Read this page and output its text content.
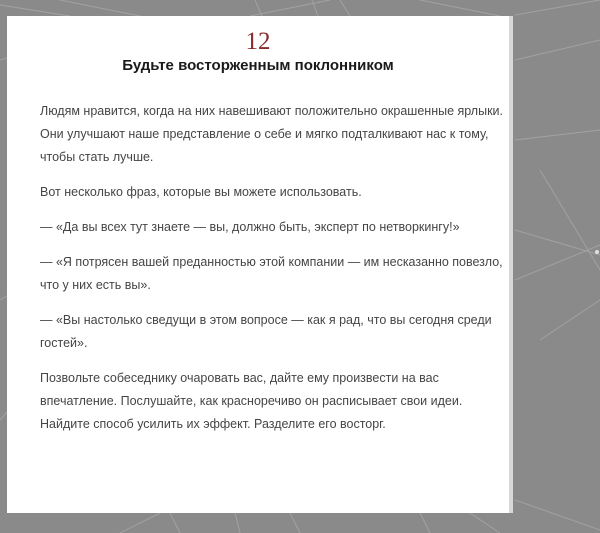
12
Будьте восторженным поклонником

Людям нравится, когда на них навешивают положительно окрашенные ярлыки. Они улучшают наше представление о себе и мягко подталкивают нас к тому, чтобы стать лучше.

Вот несколько фраз, которые вы можете использовать.

— «Да вы всех тут знаете — вы, должно быть, эксперт по нетворкингу!»

— «Я потрясен вашей преданностью этой компании — им несказанно повезло, что у них есть вы».

— «Вы настолько сведущи в этом вопросе — как я рад, что вы сегодня среди гостей».

Позвольте собеседнику очаровать вас, дайте ему произвести на вас впечатление. Послушайте, как красноречиво он расписывает свои идеи. Найдите способ усилить их эффект. Разделите его восторг.
